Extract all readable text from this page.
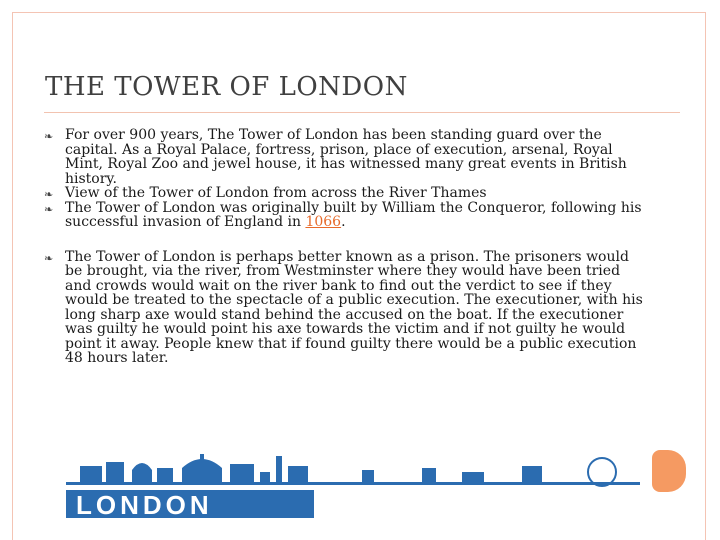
THE TOWER OF LONDON
❧ For over 900 years, The Tower of London has been standing guard over the capital. As a Royal Palace, fortress, prison, place of execution, arsenal, Royal Mint, Royal Zoo and jewel house, it has witnessed many great events in British history.
❧ View of the Tower of London from across the River Thames
❧ The Tower of London was originally built by William the Conqueror, following his successful invasion of England in 1066.
❧ The Tower of London is perhaps better known as a prison. The prisoners would be brought, via the river, from Westminster where they would have been tried and crowds would wait on the river bank to find out the verdict to see if they would be treated to the spectacle of a public execution. The executioner, with his long sharp axe would stand behind the accused on the boat. If the executioner was guilty he would point his axe towards the victim and if not guilty he would point it away. People knew that if found guilty there would be a public execution 48 hours later.
LONDON
